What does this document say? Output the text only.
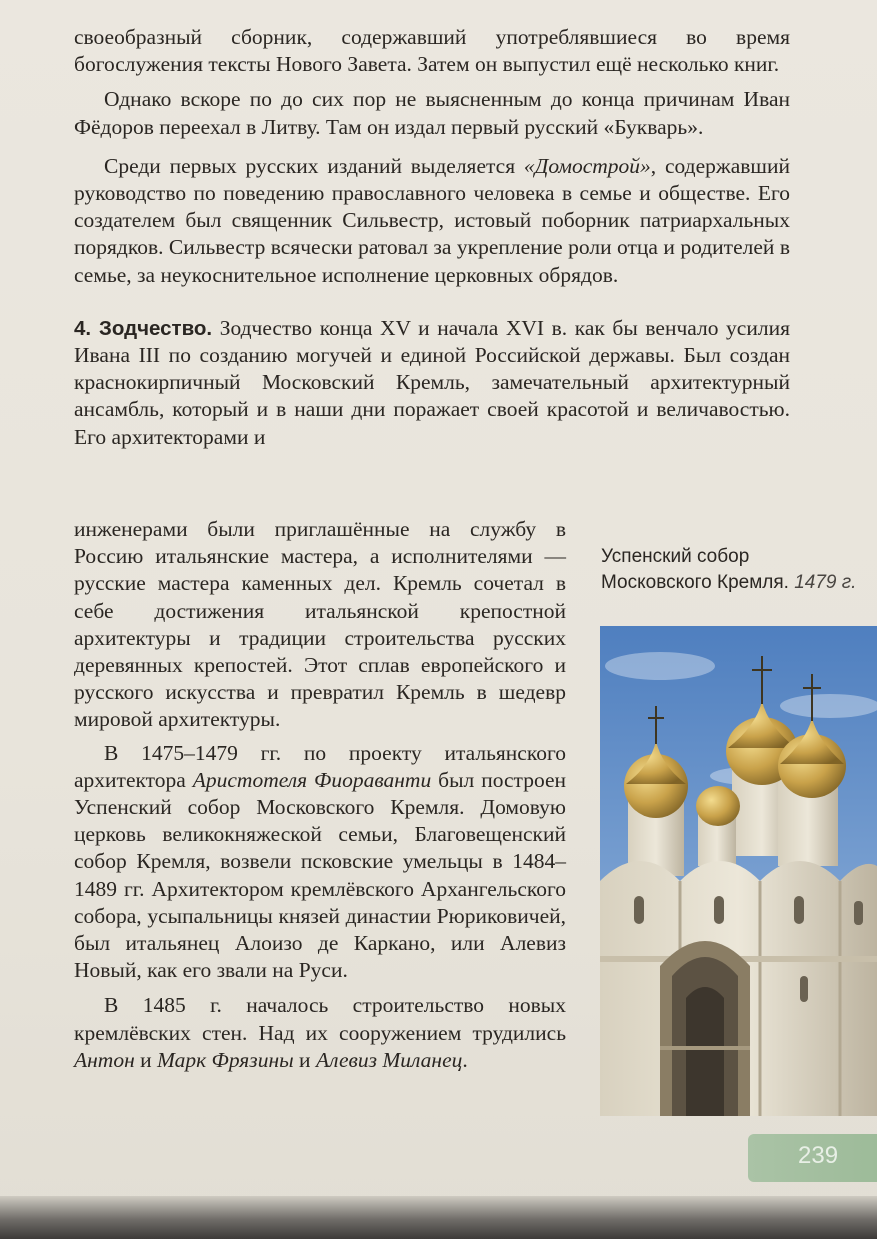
своеобразный сборник, содержавший употреблявшиеся во время богослужения тексты Нового Завета. Затем он выпустил ещё несколько книг.

Однако вскоре по до сих пор не выясненным до конца причинам Иван Фёдоров переехал в Литву. Там он издал первый русский «Букварь».

Среди первых русских изданий выделяется «Домострой», содержавший руководство по поведению православного человека в семье и обществе. Его создателем был священник Сильвестр, истовый поборник патриархальных порядков. Сильвестр всячески ратовал за укрепление роли отца и родителей в семье, за неукоснительное исполнение церковных обрядов.

4. Зодчество. Зодчество конца XV и начала XVI в. как бы венчало усилия Ивана III по созданию могучей и единой Российской державы. Был создан краснокирпичный Московский Кремль, замечательный архитектурный ансамбль, который и в наши дни поражает своей красотой и величавостью. Его архитекторами и

инженерами были приглашённые на службу в Россию итальянские мастера, а исполнителями — русские мастера каменных дел. Кремль сочетал в себе достижения итальянской крепостной архитектуры и традиции строительства русских деревянных крепостей. Этот сплав европейского и русского искусства и превратил Кремль в шедевр мировой архитектуры.

В 1475–1479 гг. по проекту итальянского архитектора Аристотеля Фиораванти был построен Успенский собор Московского Кремля. Домовую церковь великокняжеской семьи, Благовещенский собор Кремля, возвели псковские умельцы в 1484–1489 гг. Архитектором кремлёвского Архангельского собора, усыпальницы князей династии Рюриковичей, был итальянец Алоизо де Каркано, или Алевиз Новый, как его звали на Руси.

В 1485 г. началось строительство новых кремлёвских стен. Над их сооружением трудились Антон и Марк Фрязины и Алевиз Миланец.

Успенский собор
Московского Кремля. 1479 г.
239
